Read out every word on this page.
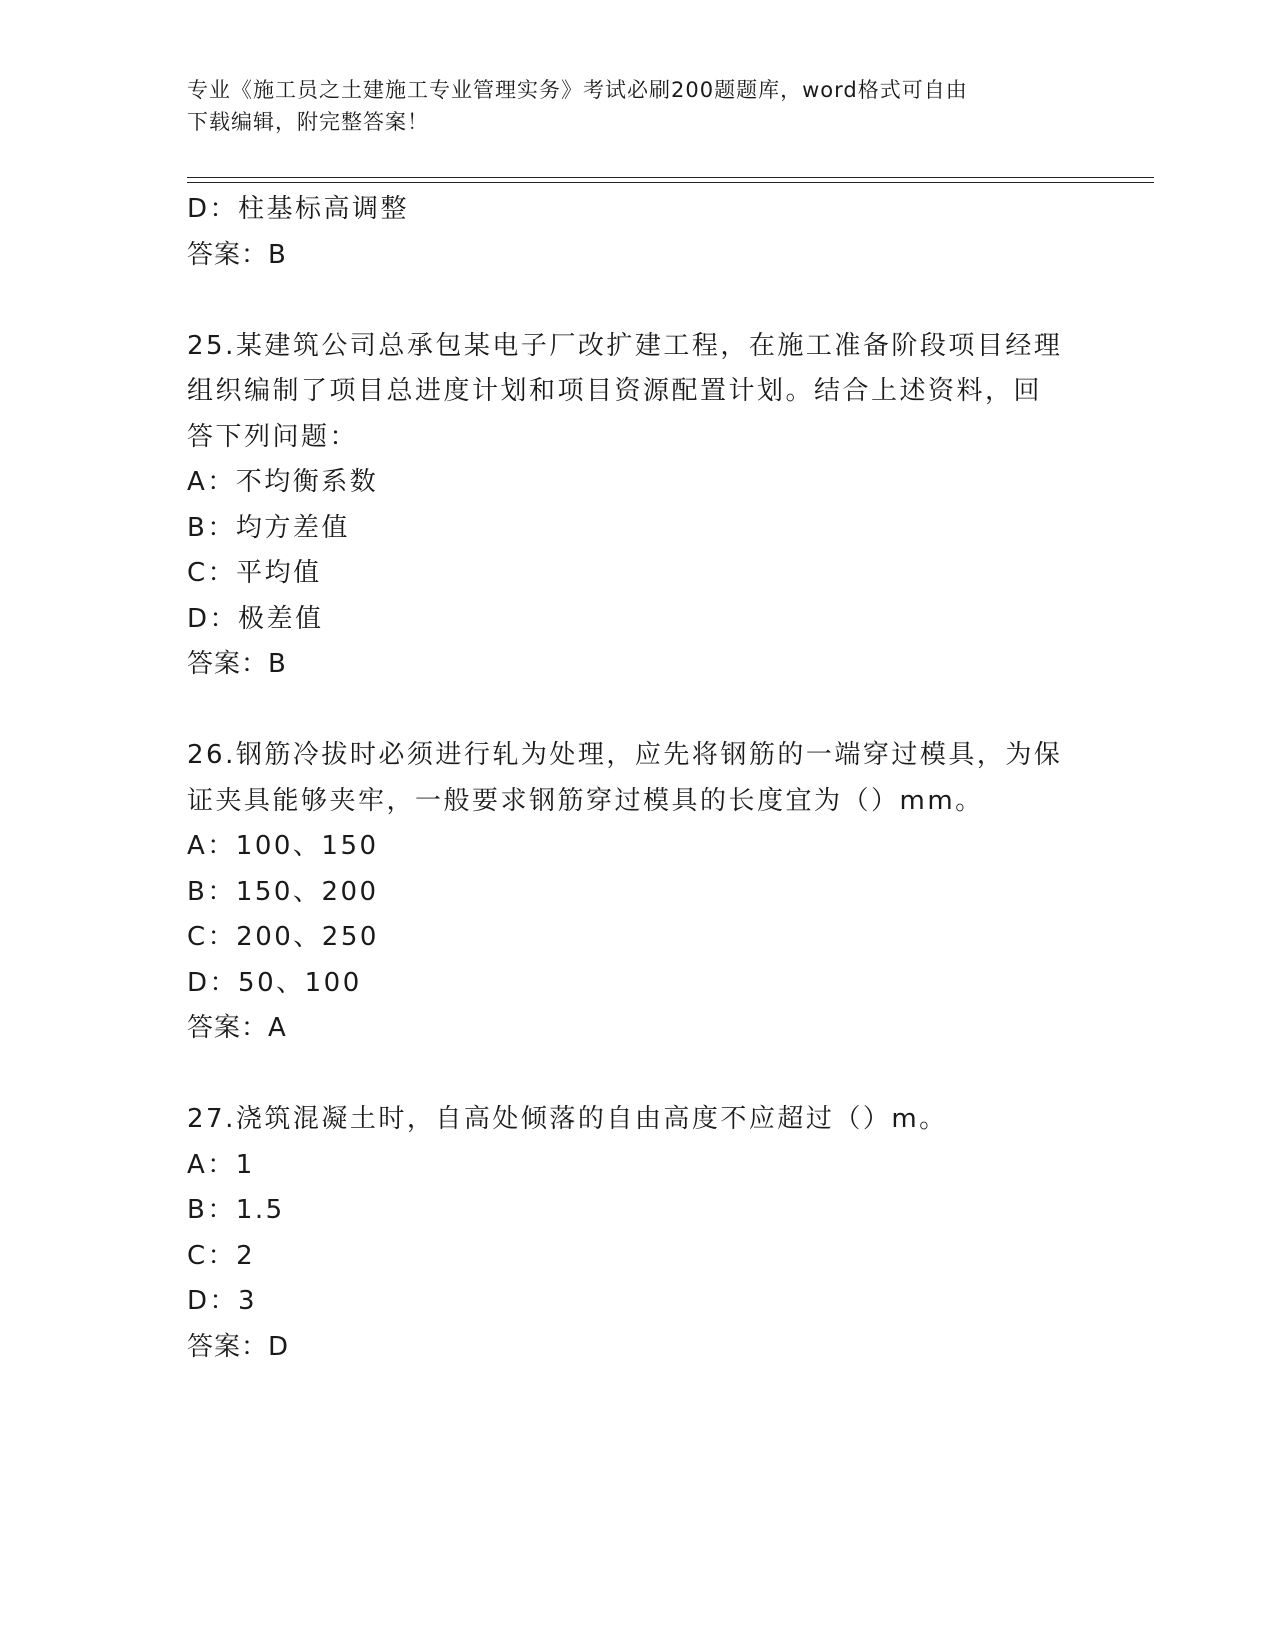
专业《施工员之土建施工专业管理实务》考试必刷200题题库，word格式可自由
下载编辑，附完整答案！
D：柱基标高调整
答案：B
25.某建筑公司总承包某电子厂改扩建工程，在施工准备阶段项目经理
组织编制了项目总进度计划和项目资源配置计划。结合上述资料，回
答下列问题：
A：不均衡系数
B：均方差值
C：平均值
D：极差值
答案：B
26.钢筋冷拔时必须进行轧为处理，应先将钢筋的一端穿过模具，为保
证夹具能够夹牢，一般要求钢筋穿过模具的长度宜为（）mm。
A：100、150
B：150、200
C：200、250
D：50、100
答案：A
27.浇筑混凝土时，自高处倾落的自由高度不应超过（）m。
A：1
B：1.5
C：2
D：3
答案：D
